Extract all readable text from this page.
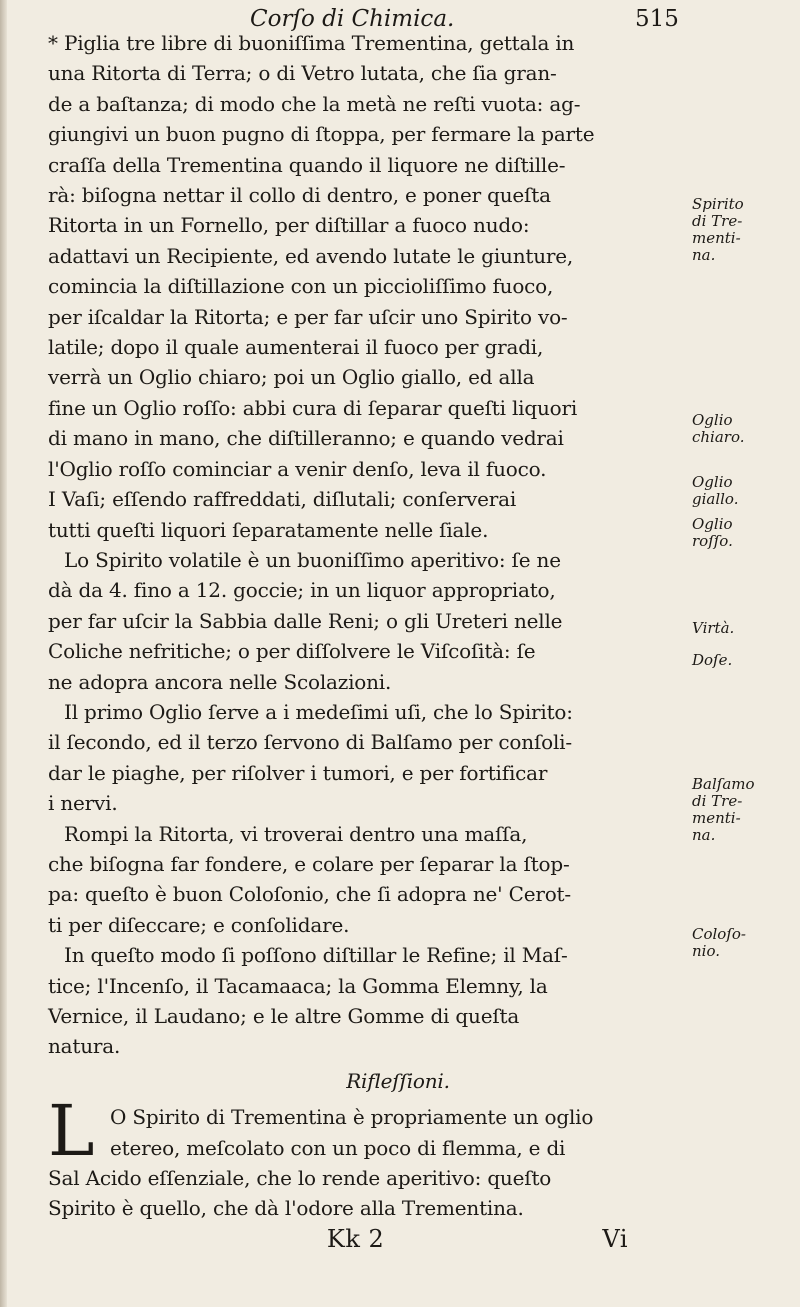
Corſo di Chimica.	515

* Piglia tre libre di buoniſſima Trementina, gettala in

una Ritorta di Terra; o di Vetro lutata, che ſia gran-

de a baſtanza; di modo che la metà ne reſti vuota: ag-

giungivi un buon pugno di ſtoppa, per fermare la parte

craſſa della Trementina quando il liquore ne diſtille-

rà: biſogna nettar il collo di dentro, e poner queſta

Ritorta in un Fornello, per diſtillar a fuoco nudo:

adattavi un Recipiente, ed avendo lutate le giunture,

comincia la diſtillazione con un piccioliſſimo fuoco,

per iſcaldar la Ritorta; e per far uſcir uno Spirito vo-

latile; dopo il quale aumenterai il fuoco per gradi,

verrà un Oglio chiaro; poi un Oglio giallo, ed alla

fine un Oglio roſſo: abbi cura di ſeparar queſti liquori

di mano in mano, che diſtilleranno; e quando vedrai

l'Oglio roſſo cominciar a venir denſo, leva il fuoco.

I Vaſi; eſſendo raffreddati, diſlutali; conſerverai

tutti queſti liquori ſeparatamente nelle ſiale.

Lo Spirito volatile è un buoniſſimo aperitivo: ſe ne

dà da 4. fino a 12. goccie; in un liquor appropriato,

per far uſcir la Sabbia dalle Reni; o gli Ureteri nelle

Coliche nefritiche; o per diſſolvere le Viſcoſità: ſe

ne adopra ancora nelle Scolazioni.

Il primo Oglio ſerve a i medeſimi uſi, che lo Spirito:

il ſecondo, ed il terzo ſervono di Balſamo per conſoli-

dar le piaghe, per riſolver i tumori, e per fortificar

i nervi.

Rompi la Ritorta, vi troverai dentro una maſſa,

che biſogna far fondere, e colare per ſeparar la ſtop-

pa: queſto è buon Coloſonio, che ſi adopra ne' Cerot-

ti per diſeccare; e conſolidare.

In queſto modo ſi poſſono diſtillar le Refine; il Maſ-

tice; l'Incenſo, il Tacamaaca; la Gomma Elemny, la

Vernice, il Laudano; e le altre Gomme di queſta

natura.

Rifleſſioni.

L O Spirito di Trementina è propriamente un oglio

etereo, meſcolato con un poco di flemma, e di

Sal Acido eſſenziale, che lo rende aperitivo: queſto

Spirito è quello, che dà l'odore alla Trementina.

Kk 2	Vi
Spirito
di Tre-
menti-
na.
Oglio
chiaro.
Oglio
giallo.
Oglio
roſſo.
Virtà.
Doſe.
Balſamo
di Tre-
menti-
na.
Coloſo-
nio.
